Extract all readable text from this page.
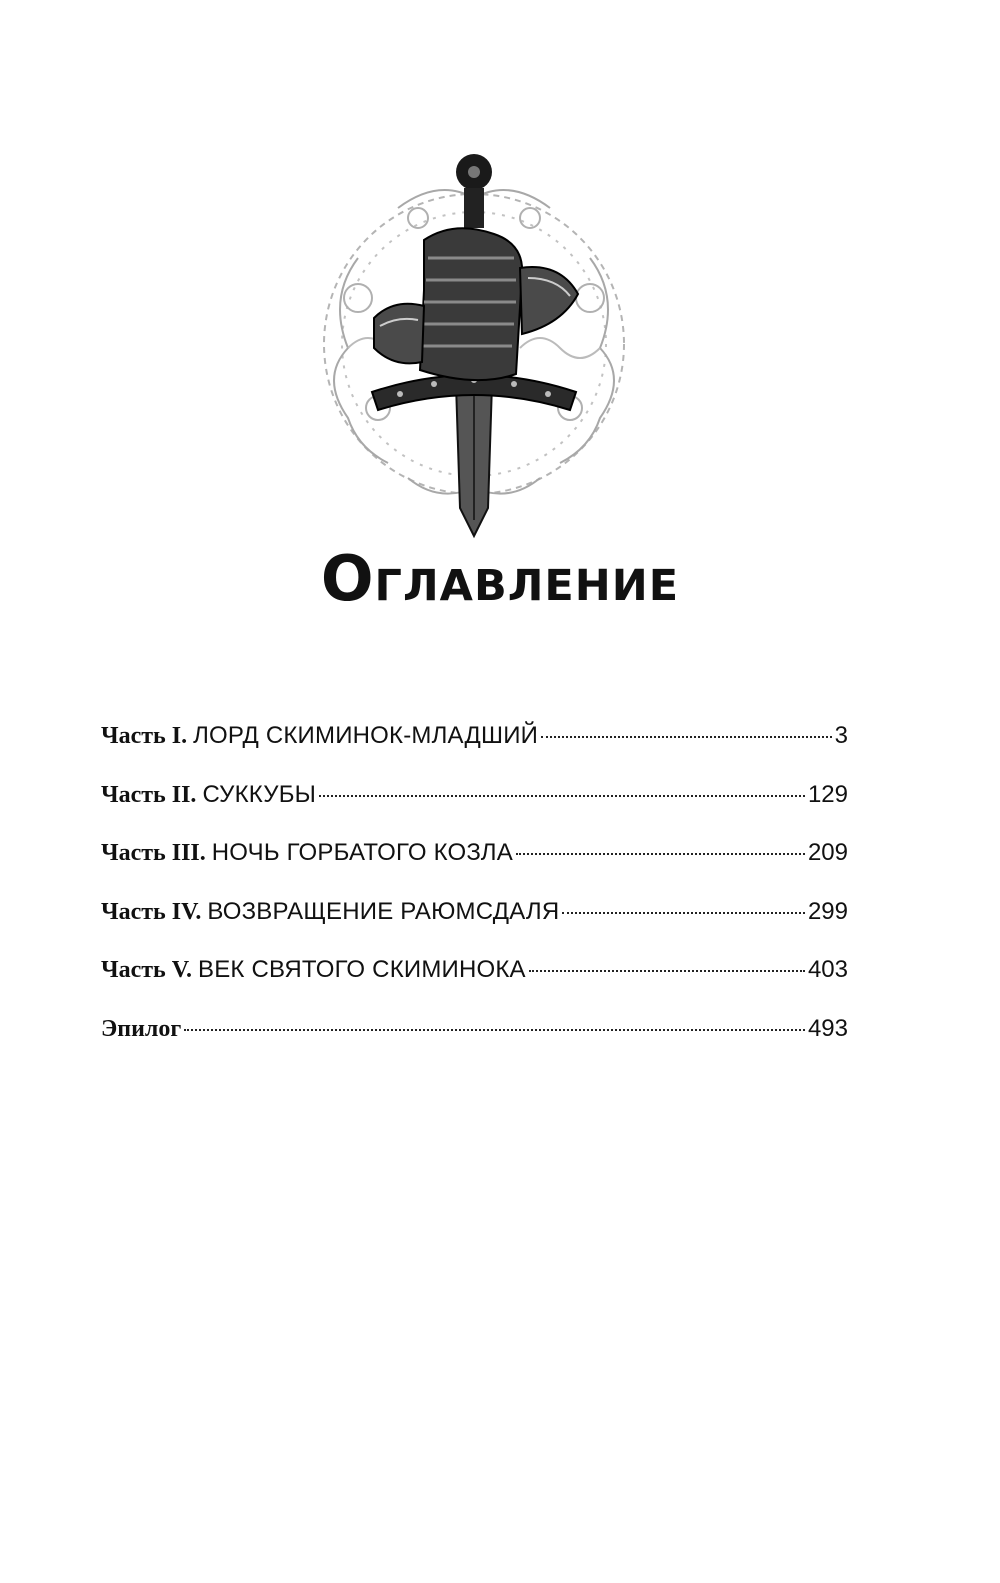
Оглавление
Часть I. ЛОРД СКИМИНОК-МЛАДШИЙ	3
Часть II. СУККУБЫ	129
Часть III. НОЧЬ ГОРБАТОГО КОЗЛА	209
Часть IV. ВОЗВРАЩЕНИЕ РАЮМСДАЛЯ	299
Часть V. ВЕК СВЯТОГО СКИМИНОКА	403
Эпилог	493
